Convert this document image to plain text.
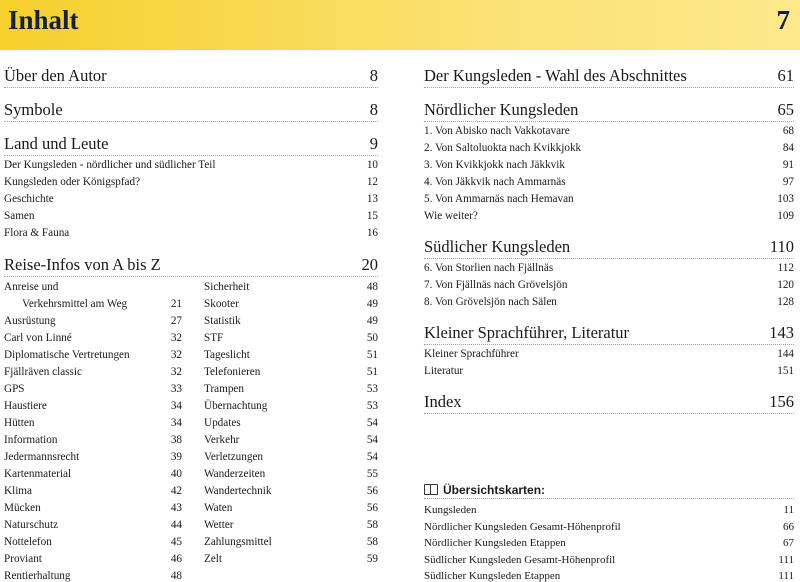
Inhalt	7
Über den Autor	8
Symbole	8
Land und Leute	9
Der Kungsleden - nördlicher und südlicher Teil	10
Kungsleden oder Königspfad?	12
Geschichte	13
Samen	15
Flora & Fauna	16
Reise-Infos von A bis Z	20
Anreise und
Verkehrsmittel am Weg	21
Ausrüstung	27
Carl von Linné	32
Diplomatische Vertretungen	32
Fjällräven classic	32
GPS	33
Haustiere	34
Hütten	34
Information	38
Jedermannsrecht	39
Kartenmaterial	40
Klima	42
Mücken	43
Naturschutz	44
Nottelefon	45
Proviant	46
Rentierhaltung	48
Sicherheit	48
Skooter	49
Statistik	49
STF	50
Tageslicht	51
Telefonieren	51
Trampen	53
Übernachtung	53
Updates	54
Verkehr	54
Verletzungen	54
Wanderzeiten	55
Wandertechnik	56
Waten	56
Wetter	58
Zahlungsmittel	58
Zelt	59
Der Kungsleden - Wahl des Abschnittes	61
Nördlicher Kungsleden	65
1. Von Abisko nach Vakkotavare	68
2. Von Saltoluokta nach Kvikkjokk	84
3. Von Kvikkjokk nach Jäkkvik	91
4. Von Jäkkvik nach Ammarnäs	97
5. Von Ammarnäs nach Hemavan	103
Wie weiter?	109
Südlicher Kungsleden	110
6. Von Storlien nach Fjällnäs	112
7. Von Fjällnäs nach Grövelsjön	120
8. Von Grövelsjön nach Sälen	128
Kleiner Sprachführer, Literatur	143
Kleiner Sprachführer	144
Literatur	151
Index	156
Übersichtskarten:
Kungsleden	11
Nördlicher Kungsleden Gesamt-Höhenprofil	66
Nördlicher Kungsleden Etappen	67
Südlicher Kungsleden Gesamt-Höhenprofil	111
Südlicher Kungsleden Etappen	111
